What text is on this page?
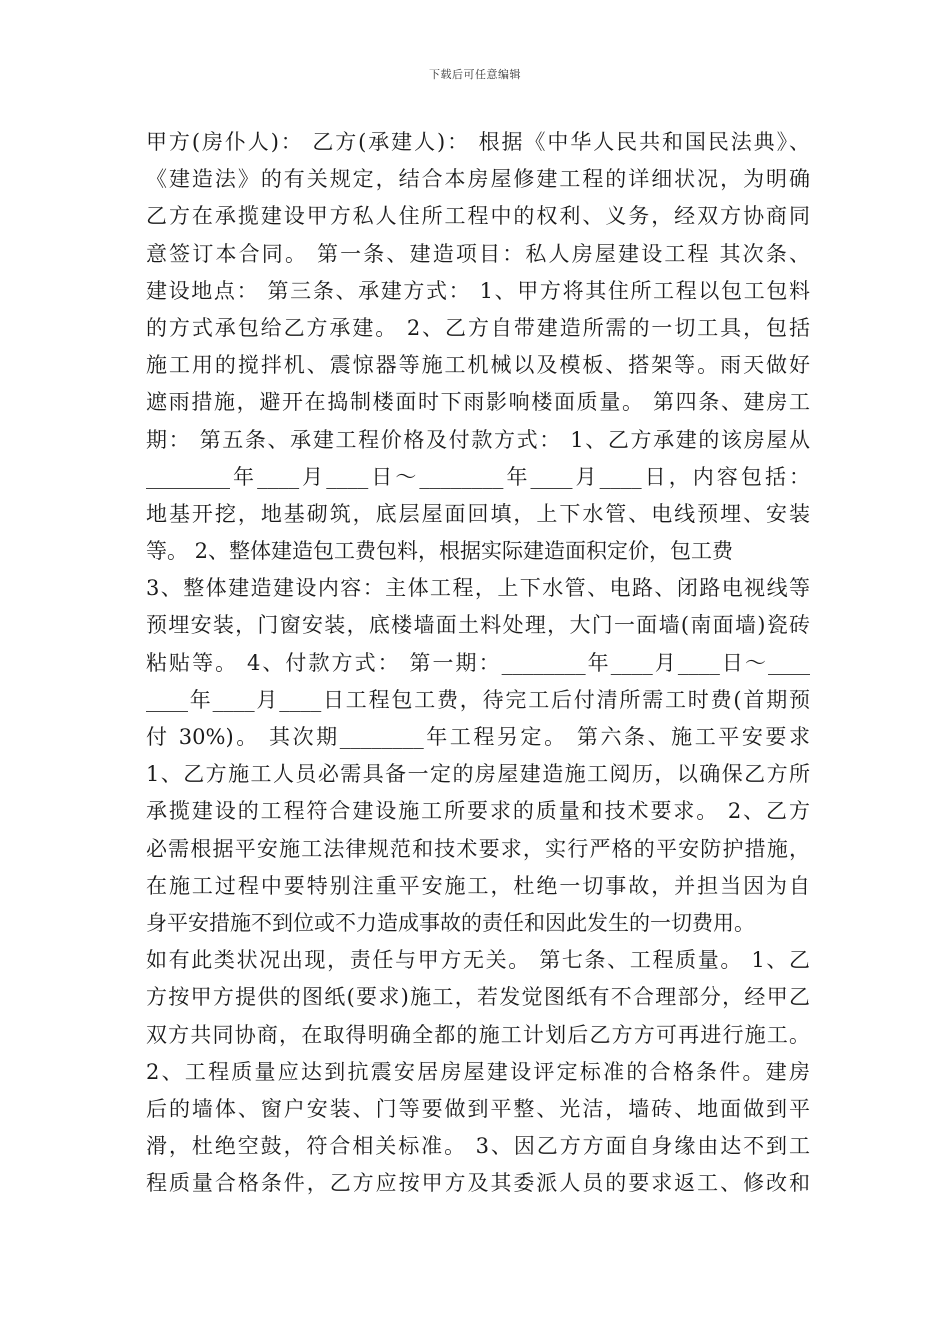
下载后可任意编辑
甲方(房仆人)： 乙方(承建人)： 根据《中华人民共和国民法典》、
《建造法》的有关规定，结合本房屋修建工程的详细状况，为明确
乙方在承揽建设甲方私人住所工程中的权利、义务，经双方协商同
意签订本合同。 第一条、建造项目：私人房屋建设工程 其次条、
建设地点： 第三条、承建方式： 1、甲方将其住所工程以包工包料
的方式承包给乙方承建。 2、乙方自带建造所需的一切工具，包括
施工用的搅拌机、震惊器等施工机械以及模板、搭架等。雨天做好
遮雨措施，避开在捣制楼面时下雨影响楼面质量。 第四条、建房工
期： 第五条、承建工程价格及付款方式： 1、乙方承建的该房屋从
________年____月____日～________年____月____日，内容包括：
地基开挖，地基砌筑，底层屋面回填，上下水管、电线预埋、安装
等。 2、整体建造包工费包料，根据实际建造面积定价，包工费
3、整体建造建设内容：主体工程，上下水管、电路、闭路电视线等
预埋安装，门窗安装，底楼墙面土料处理，大门一面墙(南面墙)瓷砖
粘贴等。 4、付款方式： 第一期：________年____月____日～____
____年____月____日工程包工费，待完工后付清所需工时费(首期预
付 30%)。 其次期________年工程另定。 第六条、施工平安要求
1、乙方施工人员必需具备一定的房屋建造施工阅历，以确保乙方所
承揽建设的工程符合建设施工所要求的质量和技术要求。 2、乙方
必需根据平安施工法律规范和技术要求，实行严格的平安防护措施，
在施工过程中要特别注重平安施工，杜绝一切事故，并担当因为自
身平安措施不到位或不力造成事故的责任和因此发生的一切费用。
如有此类状况出现，责任与甲方无关。 第七条、工程质量。 1、乙
方按甲方提供的图纸(要求)施工，若发觉图纸有不合理部分，经甲乙
双方共同协商，在取得明确全都的施工计划后乙方方可再进行施工。
2、工程质量应达到抗震安居房屋建设评定标准的合格条件。建房
后的墙体、窗户安装、门等要做到平整、光洁，墙砖、地面做到平
滑，杜绝空鼓，符合相关标准。 3、因乙方方面自身缘由达不到工
程质量合格条件，乙方应按甲方及其委派人员的要求返工、修改和
